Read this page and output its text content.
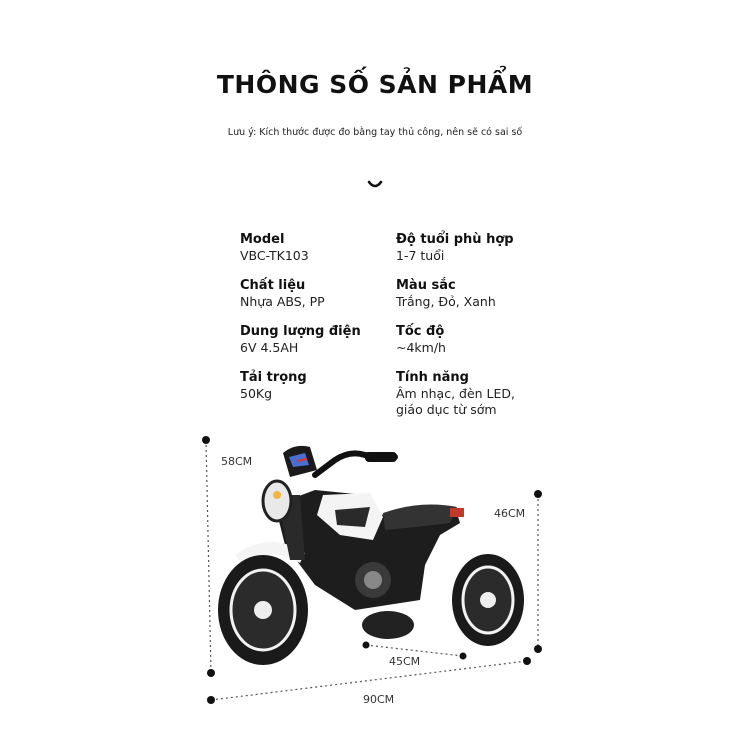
THÔNG SỐ SẢN PHẨM
Lưu ý: Kích thước được đo bằng tay thủ công, nên sẽ có sai số
Model
VBC-TK103
Độ tuổi phù hợp
1-7 tuổi
Chất liệu
Nhựa ABS, PP
Màu sắc
Trắng, Đỏ, Xanh
Dung lượng điện
6V 4.5AH
Tốc độ
~4km/h
Tải trọng
50Kg
Tính năng
Âm nhạc, đèn LED,
giáo dục từ sớm
58CM
46CM
45CM
90CM
